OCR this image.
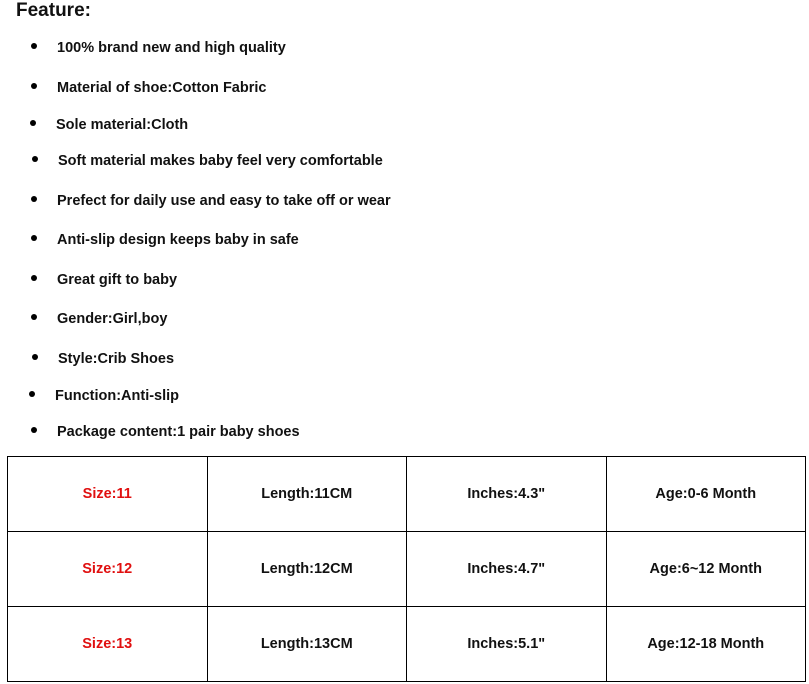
Feature:
100% brand new and high quality
Material of shoe:Cotton Fabric
Sole material:Cloth
Soft material makes baby feel very comfortable
Prefect for daily use and easy to take off or wear
Anti-slip design keeps baby in safe
Great gift to baby
Gender:Girl,boy
Style:Crib Shoes
Function:Anti-slip
Package content:1 pair baby shoes
Size:11	Length:11CM	Inches:4.3"	Age:0-6 Month
Size:12	Length:12CM	Inches:4.7"	Age:6~12 Month
Size:13	Length:13CM	Inches:5.1"	Age:12-18 Month
